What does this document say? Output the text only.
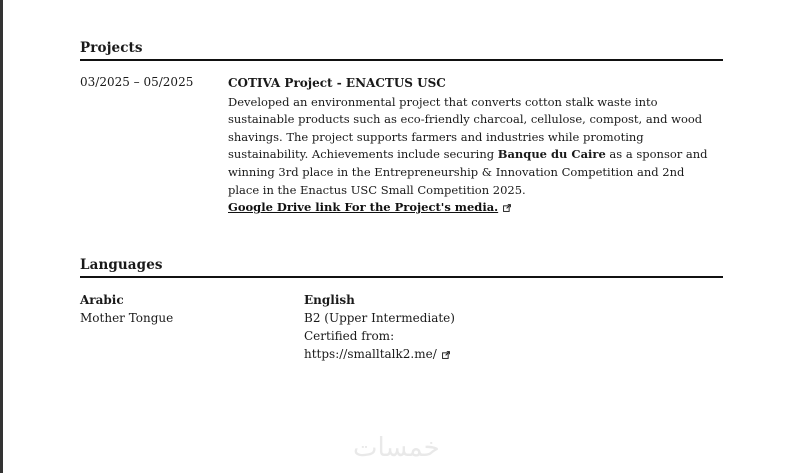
Projects
03/2025 – 05/2025	COTIVA Project - ENACTUS USC
Developed an environmental project that converts cotton stalk waste into sustainable products such as eco-friendly charcoal, cellulose, compost, and wood shavings. The project supports farmers and industries while promoting sustainability. Achievements include securing Banque du Caire as a sponsor and winning 3rd place in the Entrepreneurship & Innovation Competition and 2nd place in the Enactus USC Small Competition 2025.
Google Drive link For the Project's media.
Languages
Arabic
Mother Tongue
English
B2 (Upper Intermediate)
Certified from:
https://smalltalk2.me/
خمسات
